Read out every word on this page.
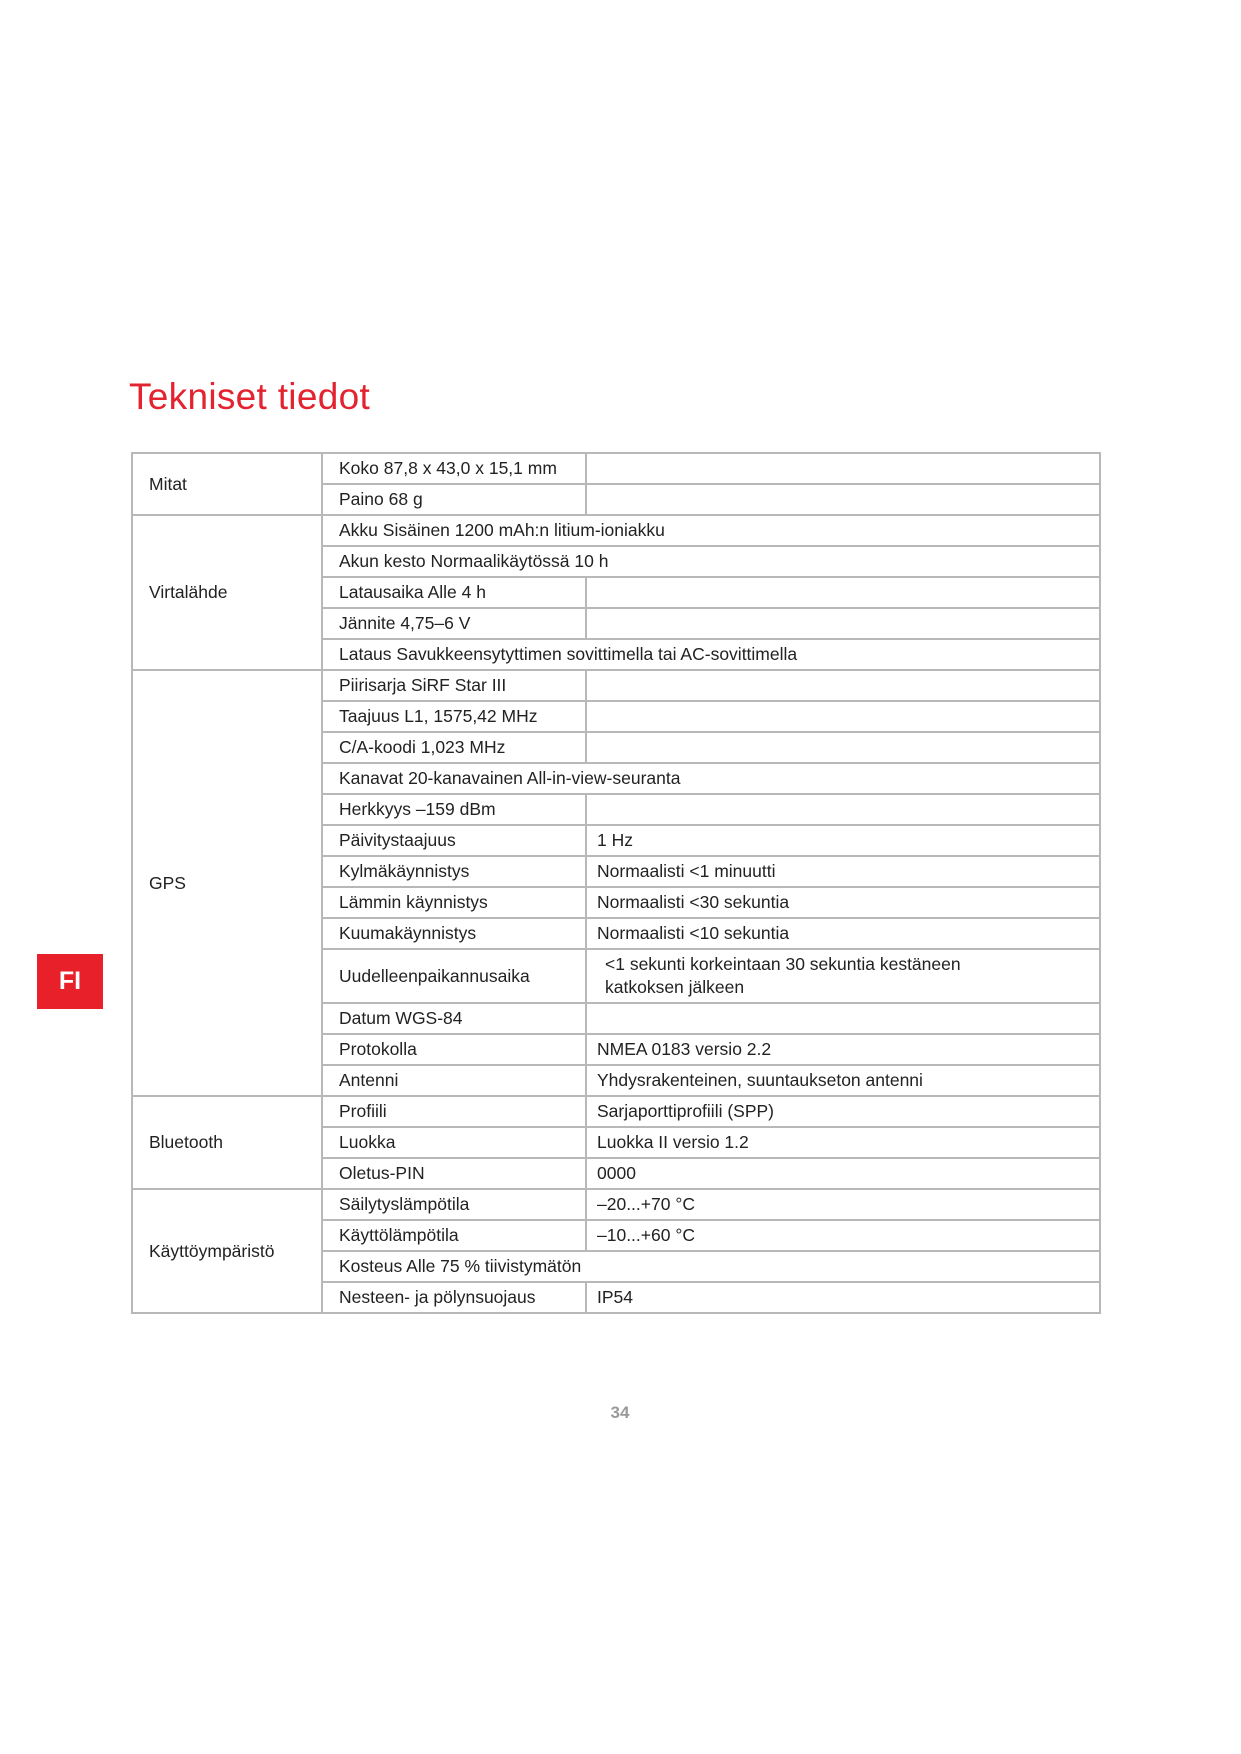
Tekniset tiedot
Mitat	Koko 87,8 x 43,0 x 15,1 mm	
	Paino 68 g	
Virtalähde	Akku Sisäinen 1200 mAh:n litium-ioniakku	
	Akun kesto Normaalikäytössä 10 h	
	Latausaika Alle 4 h	
	Jännite 4,75–6 V	
	Lataus Savukkeensytyttimen sovittimella tai AC-sovittimella	
GPS	Piirisarja SiRF Star III	
	Taajuus L1, 1575,42 MHz	
	C/A-koodi 1,023 MHz	
	Kanavat 20-kanavainen All-in-view-seuranta	
	Herkkyys –159 dBm	
	Päivitystaajuus	1 Hz
	Kylmäkäynnistys	Normaalisti <1 minuutti
	Lämmin käynnistys	Normaalisti <30 sekuntia
	Kuumakäynnistys	Normaalisti <10 sekuntia
	Uudelleenpaikannusaika	<1 sekunti korkeintaan 30 sekuntia kestäneen katkoksen jälkeen
	Datum WGS-84	
	Protokolla	NMEA 0183 versio 2.2
	Antenni	Yhdysrakenteinen, suuntaukseton antenni
Bluetooth	Profiili	Sarjaporttiprofiili (SPP)
	Luokka	Luokka II versio 1.2
	Oletus-PIN	0000
Käyttöympäristö	Säilytyslämpötila	–20...+70 °C
	Käyttölämpötila	–10...+60 °C
	Kosteus Alle 75 % tiivistymätön	
	Nesteen- ja pölynsuojaus	IP54
FI
34
